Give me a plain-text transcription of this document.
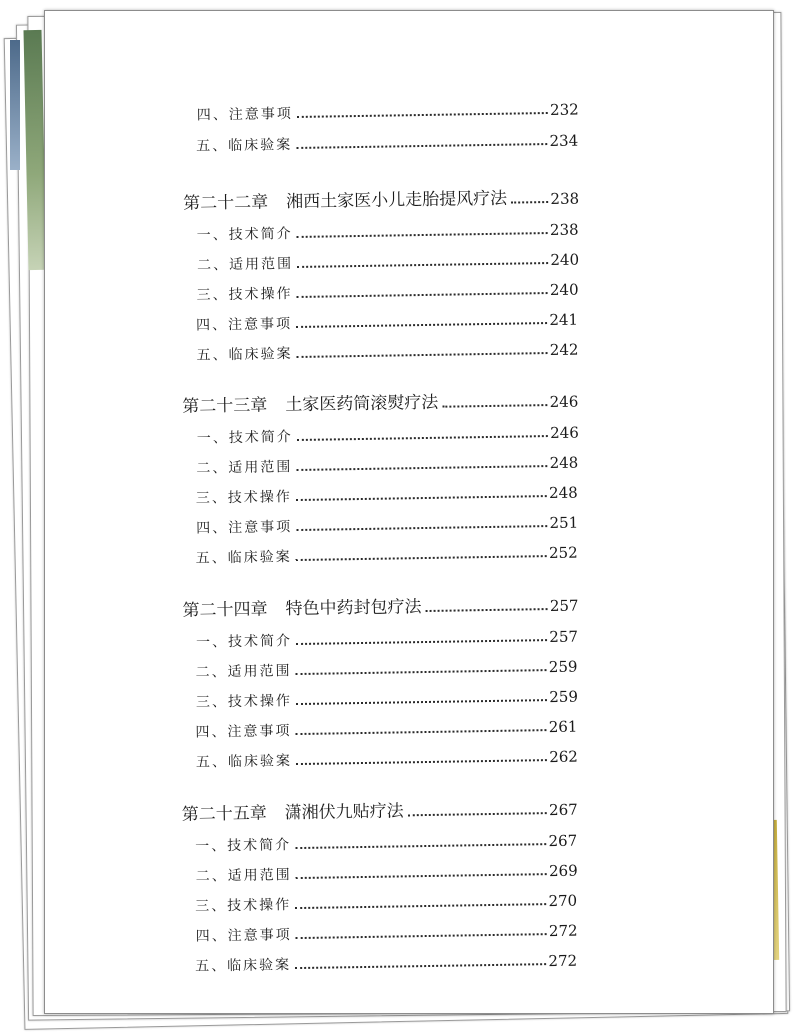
四、注意事项	232
五、临床验案	234
第二十二章 湘西土家医小儿走胎提风疗法	238
一、技术简介	238
二、适用范围	240
三、技术操作	240
四、注意事项	241
五、临床验案	242
第二十三章 土家医药筒滚熨疗法	246
一、技术简介	246
二、适用范围	248
三、技术操作	248
四、注意事项	251
五、临床验案	252
第二十四章 特色中药封包疗法	257
一、技术简介	257
二、适用范围	259
三、技术操作	259
四、注意事项	261
五、临床验案	262
第二十五章 潇湘伏九贴疗法	267
一、技术简介	267
二、适用范围	269
三、技术操作	270
四、注意事项	272
五、临床验案	272
